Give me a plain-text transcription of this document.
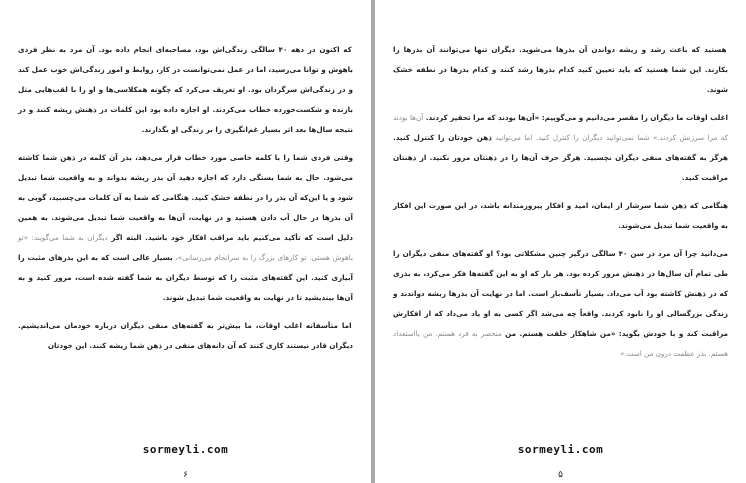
که اکنون در دهه ۴۰ سالگی زندگی‌اش بود، مصاحبه‌ای انجام داده بود. آن مرد به نظر فردی باهوش و توانا می‌رسید، اما در عمل نمی‌توانست در کار، روابط و امور زندگی‌اش خوب عمل کند و در زندگی‌اش سرگردان بود. او تعریف می‌کرد که چگونه همکلاسی‌ها و او را با لقب‌هایی مثل بازنده و شکست‌خورده خطاب می‌کردند. او اجازه داده بود این کلمات در ذهنش ریشه کنند و در نتیجه سال‌ها بعد اثر بسیار غم‌انگیزی را بر زندگی او بگذارند.

وقتی فردی شما را با کلمه خاصی مورد خطاب قرار می‌دهد، بذر آن کلمه در ذهن شما کاشته می‌شود. حال به شما بستگی دارد که اجازه دهید آن بذر ریشه بدواند و به واقعیت شما تبدیل شود و یا این‌که آن بذر را در نطفه خشک کنید. هنگامی که شما به آن کلمات می‌چسبید، گویی به آن بذرها در حال آب دادن هستید و در نهایت، آن‌ها به واقعیت شما تبدیل می‌شوند. به همین دلیل است که تأکید می‌کنیم باید مراقب افکار خود باشید. البته اگر دیگران به شما می‌گویند: «تو باهوش هستی. تو کارهای بزرگ را به سرانجام می‌رسانی»، بسیار عالی است که به این بذرهای مثبت را آبیاری کنید. این گفته‌های مثبت را که توسط دیگران به شما گفته شده است، مرور کنید و به آن‌ها بیندیشید تا در نهایت به واقعیت شما تبدیل شوند.

اما متأسفانه اغلب اوقات، ما بیش‌تر به گفته‌های منفی دیگران درباره خودمان می‌اندیشیم. دیگران قادر نیستند کاری کنند که آن دانه‌های منفی در ذهن شما ریشه کنند. این خودتان

sormeyli.com
۶

هستید که باعث رشد و ریشه دواندن آن بذرها می‌شوید. دیگران تنها می‌توانند آن بذرها را بکارند. این شما هستید که باید تعیین کنید کدام بذرها رشد کنند و کدام بذرها در نطفه خشک شوند.

اغلب اوقات ما دیگران را مقصر می‌دانیم و می‌گوییم: «آن‌ها بودند که مرا تحقیر کردند. آن‌ها بودند که مرا سرزنش کردند.» شما نمی‌توانید دیگران را کنترل کنید. اما می‌توانید ذهن خودتان را کنترل کنید. هرگز به گفته‌های منفی دیگران نچسبید. هرگز حرف آن‌ها را در ذهنتان مرور نکنید. از ذهنتان مراقبت کنید.

هنگامی که ذهن شما سرشار از ایمان، امید و افکار پیروزمندانه باشد، در این صورت این افکار به واقعیت شما تبدیل می‌شوند.

می‌دانید چرا آن مرد در سن ۴۰ سالگی درگیر چنین مشکلاتی بود؟ او گفته‌های منفی دیگران را طی تمام آن سال‌ها در ذهنش مرور کرده بود. هر بار که او به این گفته‌ها فکر می‌کرد، به بذری که در ذهنش کاشته بود آب می‌داد. بسیار تأسف‌بار است. اما در نهایت آن بذرها ریشه دواندند و زندگی بزرگسالی او را نابود کردند. واقعاً چه می‌شد اگر کسی به او یاد می‌داد که از افکارش مراقبت کند و با خودش بگوید: «من شاهکار خلقت هستم. من منحصر به فرد هستم. من بااستعداد هستم. بذر عظمت درون من است.»

sormeyli.com
۵
